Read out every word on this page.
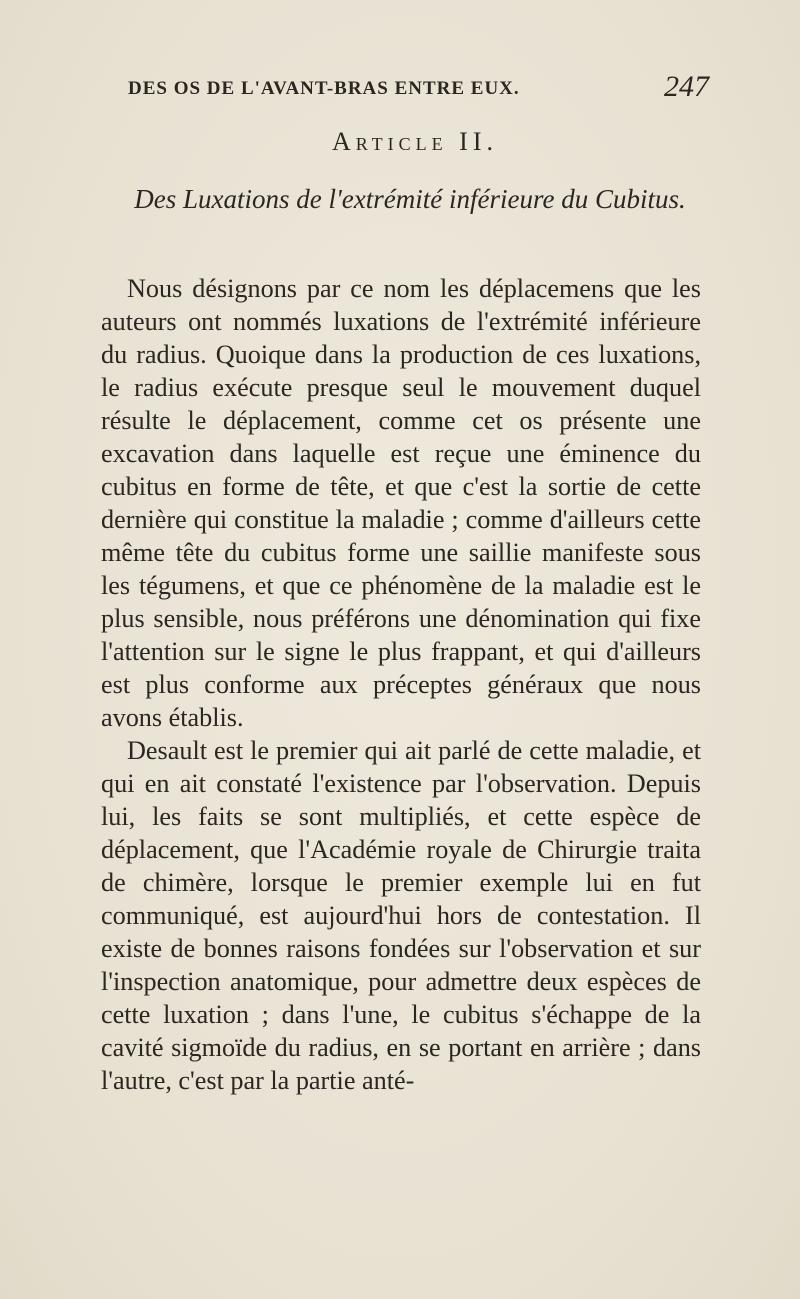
DES OS DE L'AVANT-BRAS ENTRE EUX.	247
Article II.
Des Luxations de l'extrémité inférieure du Cubitus.

Nous désignons par ce nom les déplacemens que les auteurs ont nommés luxations de l'extrémité inférieure du radius. Quoique dans la production de ces luxations, le radius exécute presque seul le mouvement duquel résulte le déplacement, comme cet os présente une excavation dans laquelle est reçue une éminence du cubitus en forme de tête, et que c'est la sortie de cette dernière qui constitue la maladie ; comme d'ailleurs cette même tête du cubitus forme une saillie manifeste sous les tégumens, et que ce phénomène de la maladie est le plus sensible, nous préférons une dénomination qui fixe l'attention sur le signe le plus frappant, et qui d'ailleurs est plus conforme aux préceptes généraux que nous avons établis.

Desault est le premier qui ait parlé de cette maladie, et qui en ait constaté l'existence par l'observation. Depuis lui, les faits se sont multipliés, et cette espèce de déplacement, que l'Académie royale de Chirurgie traita de chimère, lorsque le premier exemple lui en fut communiqué, est aujourd'hui hors de contestation. Il existe de bonnes raisons fondées sur l'observation et sur l'inspection anatomique, pour admettre deux espèces de cette luxation ; dans l'une, le cubitus s'échappe de la cavité sigmoïde du radius, en se portant en arrière ; dans l'autre, c'est par la partie anté-
